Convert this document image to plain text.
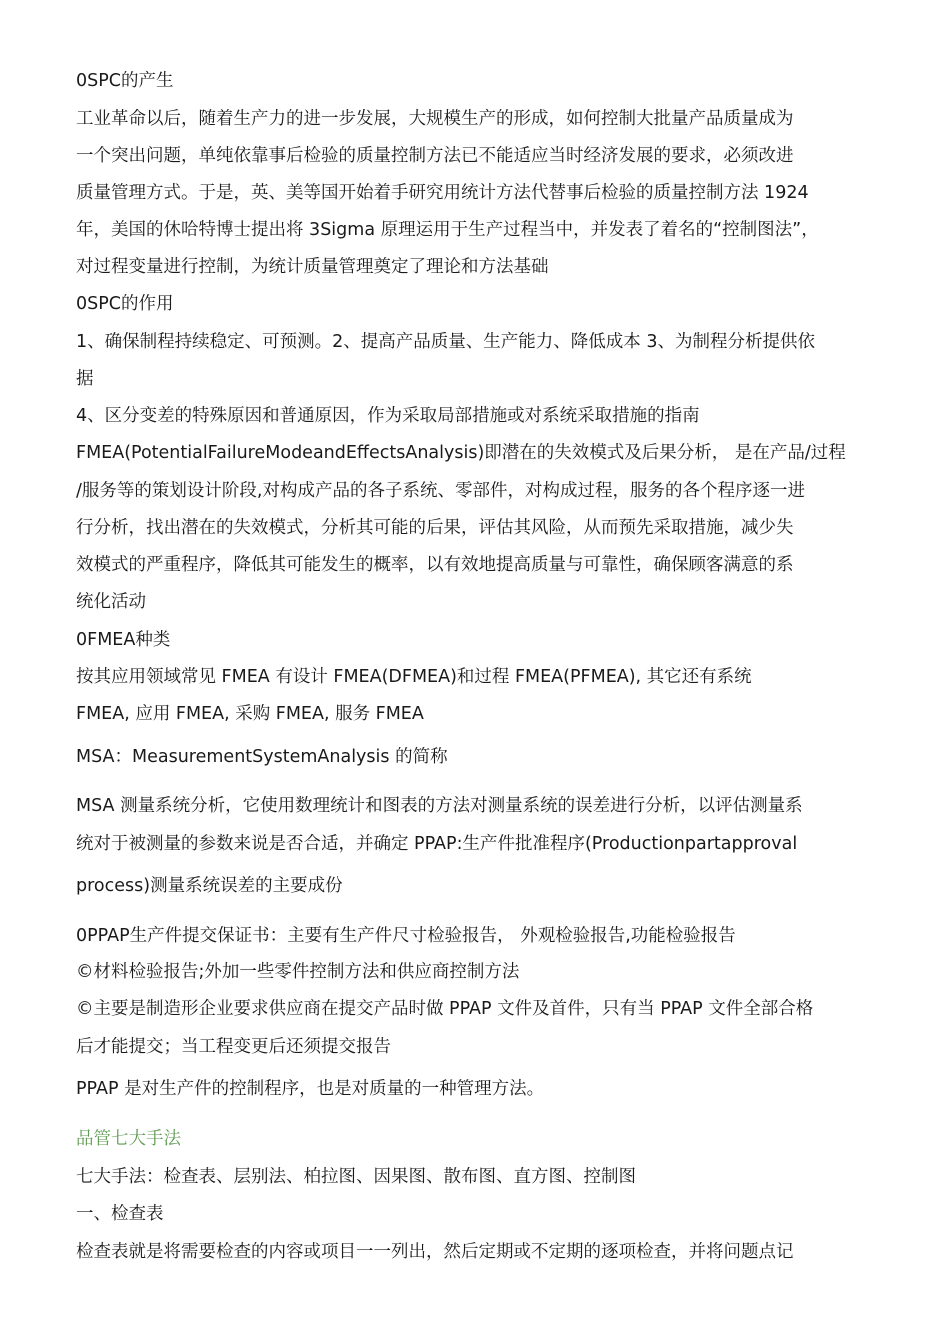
0SPC的产生
工业革命以后，随着生产力的进一步发展，大规模生产的形成，如何控制大批量产品质量成为
一个突出问题，单纯依靠事后检验的质量控制方法已不能适应当时经济发展的要求，必须改进
质量管理方式。于是，英、美等国开始着手研究用统计方法代替事后检验的质量控制方法 1924
年，美国的休哈特博士提出将 3Sigma 原理运用于生产过程当中，并发表了着名的“控制图法”，
对过程变量进行控制，为统计质量管理奠定了理论和方法基础
0SPC的作用
1、确保制程持续稳定、可预测。2、提高产品质量、生产能力、降低成本 3、为制程分析提供依
据
4、区分变差的特殊原因和普通原因，作为采取局部措施或对系统采取措施的指南
FMEA(PotentialFailureModeandEffectsAnalysis)即潜在的失效模式及后果分析， 是在产品/过程
/服务等的策划设计阶段,对构成产品的各子系统、零部件，对构成过程，服务的各个程序逐一进
行分析，找出潜在的失效模式，分析其可能的后果，评估其风险，从而预先采取措施，减少失
效模式的严重程序，降低其可能发生的概率，以有效地提高质量与可靠性，确保顾客满意的系
统化活动
0FMEA种类
按其应用领域常见 FMEA 有设计 FMEA(DFMEA)和过程 FMEA(PFMEA), 其它还有系统
FMEA, 应用 FMEA, 采购 FMEA, 服务 FMEA
MSA：MeasurementSystemAnalysis 的简称
MSA 测量系统分析，它使用数理统计和图表的方法对测量系统的误差进行分析，以评估测量系
统对于被测量的参数来说是否合适，并确定 PPAP:生产件批准程序(Productionpartapproval
process)测量系统误差的主要成份
0PPAP生产件提交保证书：主要有生产件尺寸检验报告， 外观检验报告,功能检验报告
©材料检验报告;外加一些零件控制方法和供应商控制方法
©主要是制造形企业要求供应商在提交产品时做 PPAP 文件及首件，只有当 PPAP 文件全部合格
后才能提交；当工程变更后还须提交报告
PPAP 是对生产件的控制程序，也是对质量的一种管理方法。
品管七大手法
七大手法：检查表、层别法、柏拉图、因果图、散布图、直方图、控制图
一、检查表
检查表就是将需要检查的内容或项目一一列出，然后定期或不定期的逐项检查，并将问题点记
